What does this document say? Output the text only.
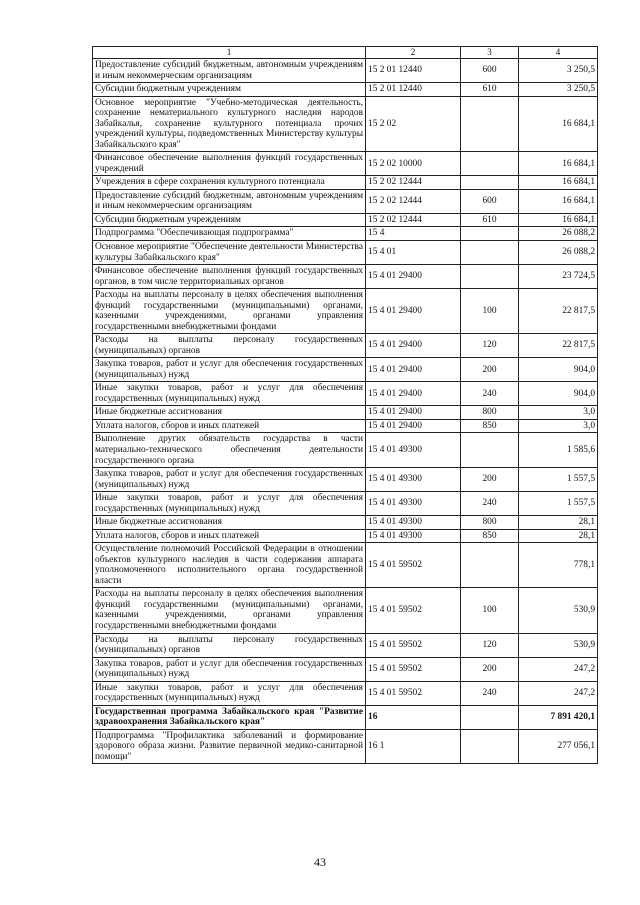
1	2	3	4
Предоставление субсидий бюджетным, автономным учреждениям и иным некоммерческим организациям	15 2 01 12440	600	3 250,5
Субсидии бюджетным учреждениям	15 2 01 12440	610	3 250,5
Основное мероприятие "Учебно-методическая деятельность, сохранение нематериального культурного наследия народов Забайкалья, сохранение культурного потенциала прочих учреждений культуры, подведомственных Министерству культуры Забайкальского края"	15 2 02		16 684,1
Финансовое обеспечение выполнения функций государственных учреждений	15 2 02 10000		16 684,1
Учреждения в сфере сохранения культурного потенциала	15 2 02 12444		16 684,1
Предоставление субсидий бюджетным, автономным учреждениям и иным некоммерческим организациям	15 2 02 12444	600	16 684,1
Субсидии бюджетным учреждениям	15 2 02 12444	610	16 684,1
Подпрограмма "Обеспечивающая подпрограмма"	15 4		26 088,2
Основное мероприятие "Обеспечение деятельности Министерства культуры Забайкальского края"	15 4 01		26 088,2
Финансовое обеспечение выполнения функций государственных органов, в том числе территориальных органов	15 4 01 29400		23 724,5
Расходы на выплаты персоналу в целях обеспечения выполнения функций государственными (муниципальными) органами, казенными учреждениями, органами управления государственными внебюджетными фондами	15 4 01 29400	100	22 817,5
Расходы на выплаты персоналу государственных (муниципальных) органов	15 4 01 29400	120	22 817,5
Закупка товаров, работ и услуг для обеспечения государственных (муниципальных) нужд	15 4 01 29400	200	904,0
Иные закупки товаров, работ и услуг для обеспечения государственных (муниципальных) нужд	15 4 01 29400	240	904,0
Иные бюджетные ассигнования	15 4 01 29400	800	3,0
Уплата налогов, сборов и иных платежей	15 4 01 29400	850	3,0
Выполнение других обязательств государства в части материально-технического обеспечения деятельности государственного органа	15 4 01 49300		1 585,6
Закупка товаров, работ и услуг для обеспечения государственных (муниципальных) нужд	15 4 01 49300	200	1 557,5
Иные закупки товаров, работ и услуг для обеспечения государственных (муниципальных) нужд	15 4 01 49300	240	1 557,5
Иные бюджетные ассигнования	15 4 01 49300	800	28,1
Уплата налогов, сборов и иных платежей	15 4 01 49300	850	28,1
Осуществление полномочий Российской Федерации в отношении объектов культурного наследия в части содержания аппарата уполномоченного исполнительного органа государственной власти	15 4 01 59502		778,1
Расходы на выплаты персоналу в целях обеспечения выполнения функций государственными (муниципальными) органами, казенными учреждениями, органами управления государственными внебюджетными фондами	15 4 01 59502	100	530,9
Расходы на выплаты персоналу государственных (муниципальных) органов	15 4 01 59502	120	530,9
Закупка товаров, работ и услуг для обеспечения государственных (муниципальных) нужд	15 4 01 59502	200	247,2
Иные закупки товаров, работ и услуг для обеспечения государственных (муниципальных) нужд	15 4 01 59502	240	247,2
Государственная программа Забайкальского края "Развитие здравоохранения Забайкальского края"	16		7 891 420,1
Подпрограмма "Профилактика заболеваний и формирование здорового образа жизни. Развитие первичной медико-санитарной помощи"	16 1		277 056,1
43
